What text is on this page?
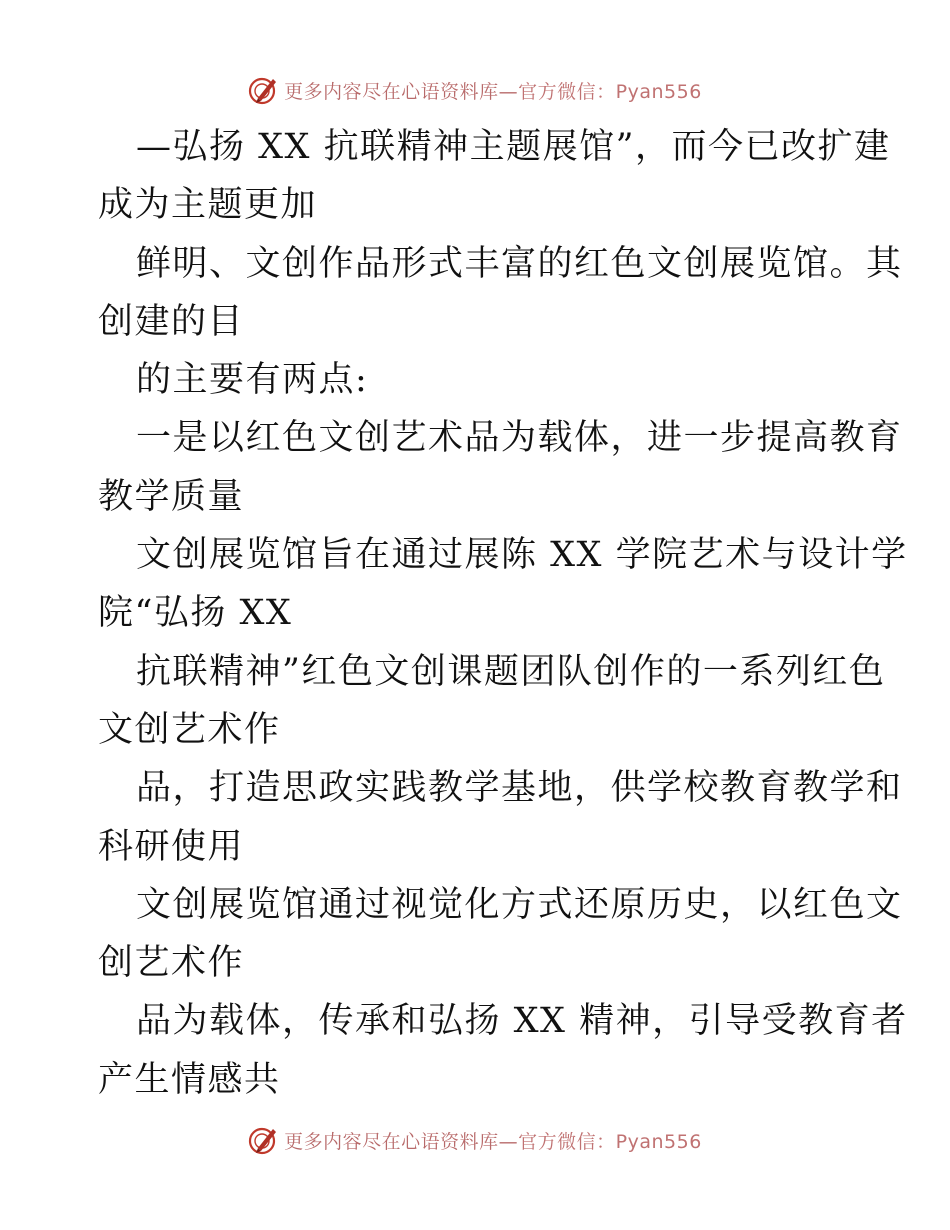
更多内容尽在心语资料库—官方微信：Pyan556
—弘扬 XX 抗联精神主题展馆”，而今已改扩建
成为主题更加
鲜明、文创作品形式丰富的红色文创展览馆。其
创建的目
的主要有两点:
一是以红色文创艺术品为载体，进一步提高教育
教学质量
文创展览馆旨在通过展陈 XX 学院艺术与设计学
院“弘扬 XX
抗联精神”红色文创课题团队创作的一系列红色
文创艺术作
品，打造思政实践教学基地，供学校教育教学和
科研使用
文创展览馆通过视觉化方式还原历史，以红色文
创艺术作
品为载体，传承和弘扬 XX 精神，引导受教育者
产生情感共
更多内容尽在心语资料库—官方微信：Pyan556
